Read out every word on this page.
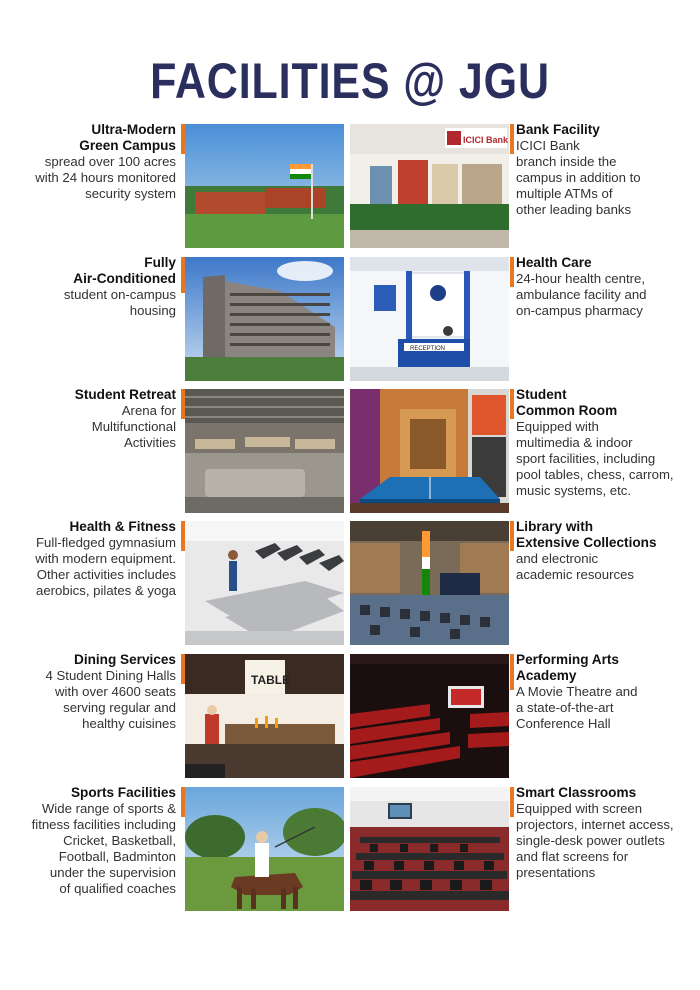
FACILITIES @ JGU
Ultra-Modern
Green Campus
spread over 100 acres
with 24 hours monitored
security system
ICICI Bank
Bank Facility
ICICI Bank
branch inside the
campus in addition to
multiple ATMs of
other leading banks
Fully
Air-Conditioned
student on-campus
housing
RECEPTION
Health Care
24-hour health centre,
ambulance facility and
on-campus pharmacy
Student Retreat
Arena for
Multifunctional
Activities
Student
Common Room
Equipped with
multimedia & indoor
sport facilities, including
pool tables, chess, carrom,
music systems, etc.
Health & Fitness
Full-fledged gymnasium
with modern equipment.
Other activities includes
aerobics, pilates & yoga
Library with
Extensive Collections
and electronic
academic resources
Dining Services
4 Student Dining Halls
with over 4600 seats
serving regular and
healthy cuisines
TABLE
Performing Arts
Academy
A Movie Theatre and
a state-of-the-art
Conference Hall
Sports Facilities
Wide range of sports &
fitness facilities including
Cricket, Basketball,
Football, Badminton
under the supervision
of qualified coaches
Smart Classrooms
Equipped with screen
projectors, internet access,
single-desk power outlets
and flat screens for
presentations
